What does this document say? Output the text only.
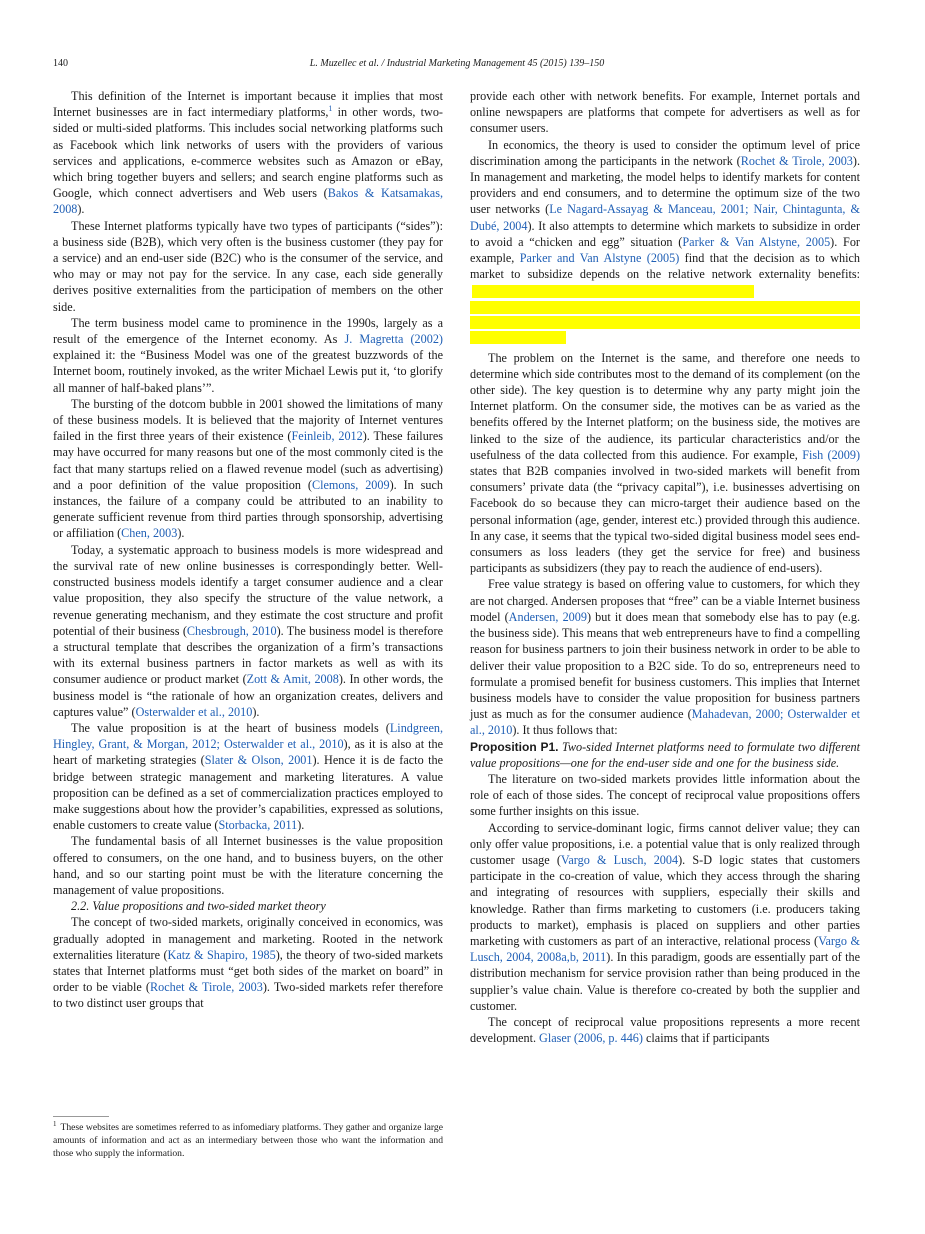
140	L. Muzellec et al. / Industrial Marketing Management 45 (2015) 139–150

This definition of the Internet is important because it implies that most Internet businesses are in fact intermediary platforms,$^1$ in other words, two-sided or multi-sided platforms. This includes social networking platforms such as Facebook which link networks of users with the providers of various services and applications, e-commerce websites such as Amazon or eBay, which bring together buyers and sellers; and search engine platforms such as Google, which connect advertisers and Web users (Bakos & Katsamakas, 2008).

These Internet platforms typically have two types of participants (“sides”): a business side (B2B), which very often is the business customer (they pay for a service) and an end-user side (B2C) who is the consumer of the service, and who may or may not pay for the service. In any case, each side generally derives positive externalities from the participation of members on the other side.

The term business model came to prominence in the 1990s, largely as a result of the emergence of the Internet economy. As J. Magretta (2002) explained it: the “Business Model was one of the greatest buzzwords of the Internet boom, routinely invoked, as the writer Michael Lewis put it, ‘to glorify all manner of half-baked plans’”.

The bursting of the dotcom bubble in 2001 showed the limitations of many of these business models. It is believed that the majority of Internet ventures failed in the first three years of their existence (Feinleib, 2012). These failures may have occurred for many reasons but one of the most commonly cited is the fact that many startups relied on a flawed revenue model (such as advertising) and a poor definition of the value proposition (Clemons, 2009). In such instances, the failure of a company could be attributed to an inability to generate sufficient revenue from third parties through sponsorship, advertising or affiliation (Chen, 2003).

Today, a systematic approach to business models is more widespread and the survival rate of new online businesses is correspondingly better. Well-constructed business models identify a target consumer audience and a clear value proposition, they also specify the structure of the value network, a revenue generating mechanism, and they estimate the cost structure and profit potential of their business (Chesbrough, 2010). The business model is therefore a structural template that describes the organization of a firm’s transactions with its external business partners in factor markets as well as with its consumer audience or product market (Zott & Amit, 2008). In other words, the business model is “the rationale of how an organization creates, delivers and captures value” (Osterwalder et al., 2010).

The value proposition is at the heart of business models (Lindgreen, Hingley, Grant, & Morgan, 2012; Osterwalder et al., 2010), as it is also at the heart of marketing strategies (Slater & Olson, 2001). Hence it is de facto the bridge between strategic management and marketing literatures. A value proposition can be defined as a set of commercialization practices employed to make suggestions about how the provider’s capabilities, expressed as solutions, enable customers to create value (Storbacka, 2011).

The fundamental basis of all Internet businesses is the value proposition offered to consumers, on the one hand, and to business buyers, on the other hand, and so our starting point must be with the literature concerning the management of value propositions.

2.2. Value propositions and two-sided market theory

The concept of two-sided markets, originally conceived in economics, was gradually adopted in management and marketing. Rooted in the network externalities literature (Katz & Shapiro, 1985), the theory of two-sided markets states that Internet platforms must “get both sides of the market on board” in order to be viable (Rochet & Tirole, 2003). Two-sided markets refer therefore to two distinct user groups that

$^1$ These websites are sometimes referred to as infomediary platforms. They gather and organize large amounts of information and act as an intermediary between those who want the information and those who supply the information.

provide each other with network benefits. For example, Internet portals and online newspapers are platforms that compete for advertisers as well as for consumer users.

In economics, the theory is used to consider the optimum level of price discrimination among the participants in the network (Rochet & Tirole, 2003). In management and marketing, the model helps to identify markets for content providers and end consumers, and to determine the optimum size of the two user networks (Le Nagard-Assayag & Manceau, 2001; Nair, Chintagunta, & Dubé, 2004). It also attempts to determine which markets to subsidize in order to avoid a “chicken and egg” situation (Parker & Van Alstyne, 2005). For example, Parker and Van Alstyne (2005) find that the decision as to which market to subsidize depends on the relative network externality benefits:

The problem on the Internet is the same, and therefore one needs to determine which side contributes most to the demand of its complement (on the other side). The key question is to determine why any party might join the Internet platform. On the consumer side, the motives can be as varied as the benefits offered by the Internet platform; on the business side, the motives are linked to the size of the audience, its particular characteristics and/or the usefulness of the data collected from this audience. For example, Fish (2009) states that B2B companies involved in two-sided markets will benefit from consumers’ private data (the “privacy capital”), i.e. businesses advertising on Facebook do so because they can micro-target their audience based on the personal information (age, gender, interest etc.) provided through this audience. In any case, it seems that the typical two-sided digital business model sees end-consumers as loss leaders (they get the service for free) and business participants as subsidizers (they pay to reach the audience of end-users).

Free value strategy is based on offering value to customers, for which they are not charged. Andersen proposes that “free” can be a viable Internet business model (Andersen, 2009) but it does mean that somebody else has to pay (e.g. the business side). This means that web entrepreneurs have to find a compelling reason for business partners to join their business network in order to be able to deliver their value proposition to a B2C side. To do so, entrepreneurs need to formulate a promised benefit for business customers. This implies that Internet business models have to consider the value proposition for business partners just as much as for the consumer audience (Mahadevan, 2000; Osterwalder et al., 2010). It thus follows that:

Proposition P1. Two-sided Internet platforms need to formulate two different value propositions—one for the end-user side and one for the business side.

The literature on two-sided markets provides little information about the role of each of those sides. The concept of reciprocal value propositions offers some further insights on this issue.

According to service-dominant logic, firms cannot deliver value; they can only offer value propositions, i.e. a potential value that is only realized through customer usage (Vargo & Lusch, 2004). S-D logic states that customers participate in the co-creation of value, which they access through the sharing and integrating of resources with suppliers, especially their skills and knowledge. Rather than firms marketing to customers (i.e. producers taking products to market), emphasis is placed on suppliers and other parties marketing with customers as part of an interactive, relational process (Vargo & Lusch, 2004, 2008a,b, 2011). In this paradigm, goods are essentially part of the distribution mechanism for service provision rather than being produced in the supplier’s value chain. Value is therefore co-created by both the supplier and customer.

The concept of reciprocal value propositions represents a more recent development. Glaser (2006, p. 446) claims that if participants
